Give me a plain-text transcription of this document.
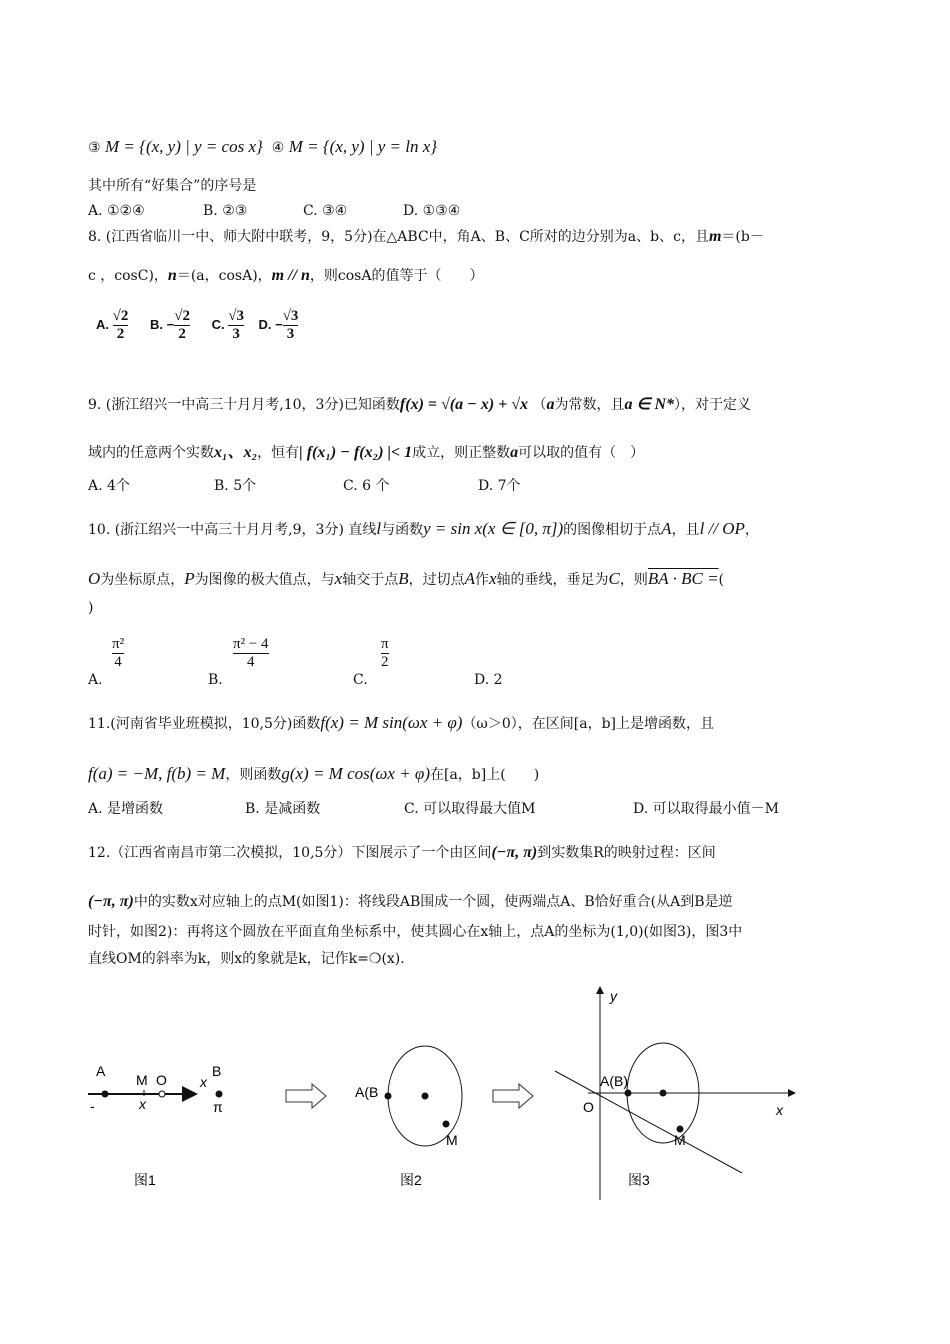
③ M = {(x, y) | y = cos x} ④ M = {(x, y) | y = ln x}
其中所有“好集合”的序号是
A. ①②④	B. ②③	C. ③④	D. ①③④
8. (江西省临川一中、师大附中联考，9，5分)在△ABC中，角A、B、C所对的边分别为a、b、c，且m＝(b－
c ，cosC)，n＝(a，cosA)，m // n，则cosA的值等于（　　）
A. $\frac{√2}{2} B$. − $\frac{√2}{2} C$. $\frac{√3}{3} D$. − $\frac{√3}{3}$
9. (浙江绍兴一中高三十月月考,10，3分)已知函数f(x) = √(a − x) + √x （a为常数，且a ∈ N*），对于定义
域内的任意两个实数x₁、x₂，恒有| f(x₁) − f(x₂) |< 1成立，则正整数a可以取的值有（　）
A. 4个	B. 5个	C. 6 个	D. 7个
10. (浙江绍兴一中高三十月月考,9，3分) 直线l与函数y = sin x(x ∈ [0, π])的图像相切于点A，且l // OP，
O为坐标原点，P为图像的极大值点，与x轴交于点B，过切点A作x轴的垂线，垂足为C，则BA · BC =(
)
A.
π²
4
B.
π² − 4
4
C.
π
2
D. 2
11.(河南省毕业班模拟，10,5分)函数f(x) = M sin(ωx + φ)（ω＞0），在区间[a，b]上是增函数，且
f(a) = −M, f(b) = M，则函数g(x) = M cos(ωx + φ)在[a，b]上(　　)
A. 是增函数	B. 是减函数	C. 可以取得最大值M	D. 可以取得最小值－M
12.（江西省南昌市第二次模拟，10,5分）下图展示了一个由区间(−π, π)到实数集R的映射过程：区间
(−π, π)中的实数x对应轴上的点M(如图1)：将线段AB围成一个圆，使两端点A、B恰好重合(从A到B是逆
时针，如图2)：再将这个圆放在平面直角坐标系中，使其圆心在x轴上，点A的坐标为(1,0)(如图3)，图3中
直线OM的斜率为k，则x的象就是k，记作k=❍(x).
A
M O
B
x
-	x	π
图1
A(B
M
图2
y
A(B)
O	x
M
图3
